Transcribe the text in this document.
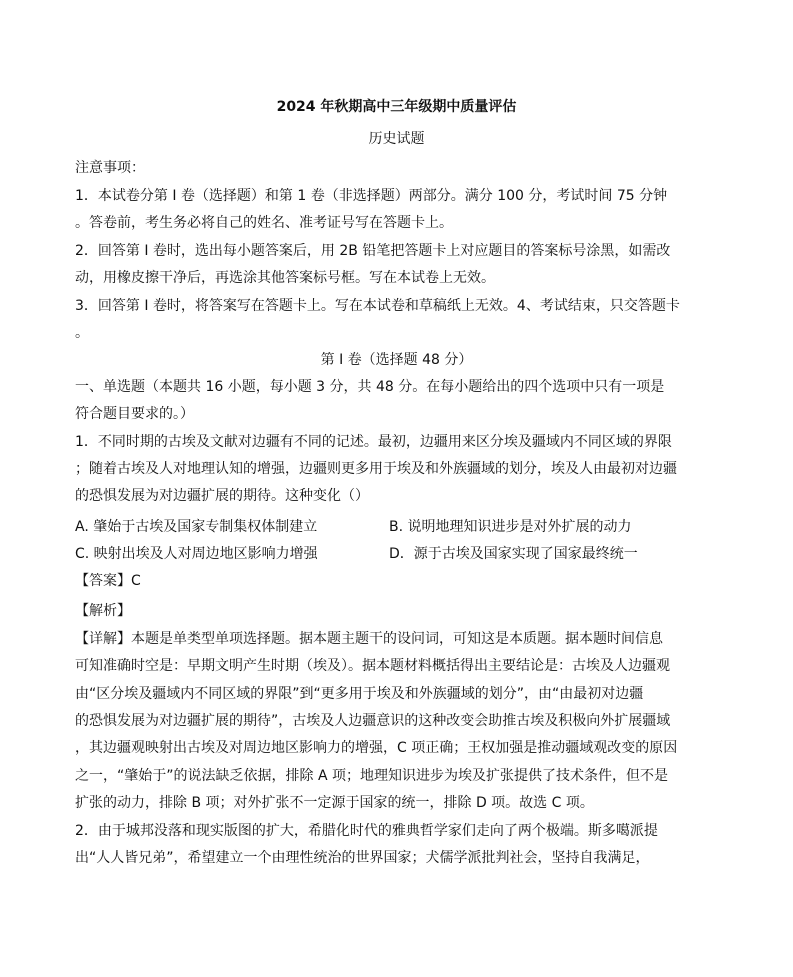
2024 年秋期高中三年级期中质量评估
历史试题
注意事项：
1．本试卷分第 I 卷（选择题）和第 1 卷（非选择题）两部分。满分 100 分，考试时间 75 分钟
。答卷前，考生务必将自己的姓名、准考证号写在答题卡上。
2．回答第 I 卷时，选出每小题答案后，用 2B 铅笔把答题卡上对应题目的答案标号涂黑，如需改
动，用橡皮擦干净后，再选涂其他答案标号框。写在本试卷上无效。
3．回答第 I 卷时，将答案写在答题卡上。写在本试卷和草稿纸上无效。4、考试结束，只交答题卡
。
第 I 卷（选择题 48 分）
一、单选题（本题共 16 小题，每小题 3 分，共 48 分。在每小题给出的四个选项中只有一项是
符合题目要求的。）
1．不同时期的古埃及文献对边疆有不同的记述。最初，边疆用来区分埃及疆域内不同区域的界限
；随着古埃及人对地理认知的增强，边疆则更多用于埃及和外族疆域的划分，埃及人由最初对边疆
的恐惧发展为对边疆扩展的期待。这种变化（）
A. 肇始于古埃及国家专制集权体制建立	B. 说明地理知识进步是对外扩展的动力
C. 映射出埃及人对周边地区影响力增强	D．源于古埃及国家实现了国家最终统一
【答案】C
【解析】
【详解】本题是单类型单项选择题。据本题主题干的设问词，可知这是本质题。据本题时间信息
可知准确时空是：早期文明产生时期（埃及）。据本题材料概括得出主要结论是：古埃及人边疆观
由“区分埃及疆域内不同区域的界限”到“更多用于埃及和外族疆域的划分”，由“由最初对边疆
的恐惧发展为对边疆扩展的期待”，古埃及人边疆意识的这种改变会助推古埃及积极向外扩展疆域
，其边疆观映射出古埃及对周边地区影响力的增强，C 项正确；王权加强是推动疆域观改变的原因
之一，“肇始于”的说法缺乏依据，排除 A 项；地理知识进步为埃及扩张提供了技术条件，但不是
扩张的动力，排除 B 项；对外扩张不一定源于国家的统一，排除 D 项。故选 C 项。
2．由于城邦没落和现实版图的扩大，希腊化时代的雅典哲学家们走向了两个极端。斯多噶派提
出“人人皆兄弟”，希望建立一个由理性统治的世界国家；犬儒学派批判社会，坚持自我满足，
